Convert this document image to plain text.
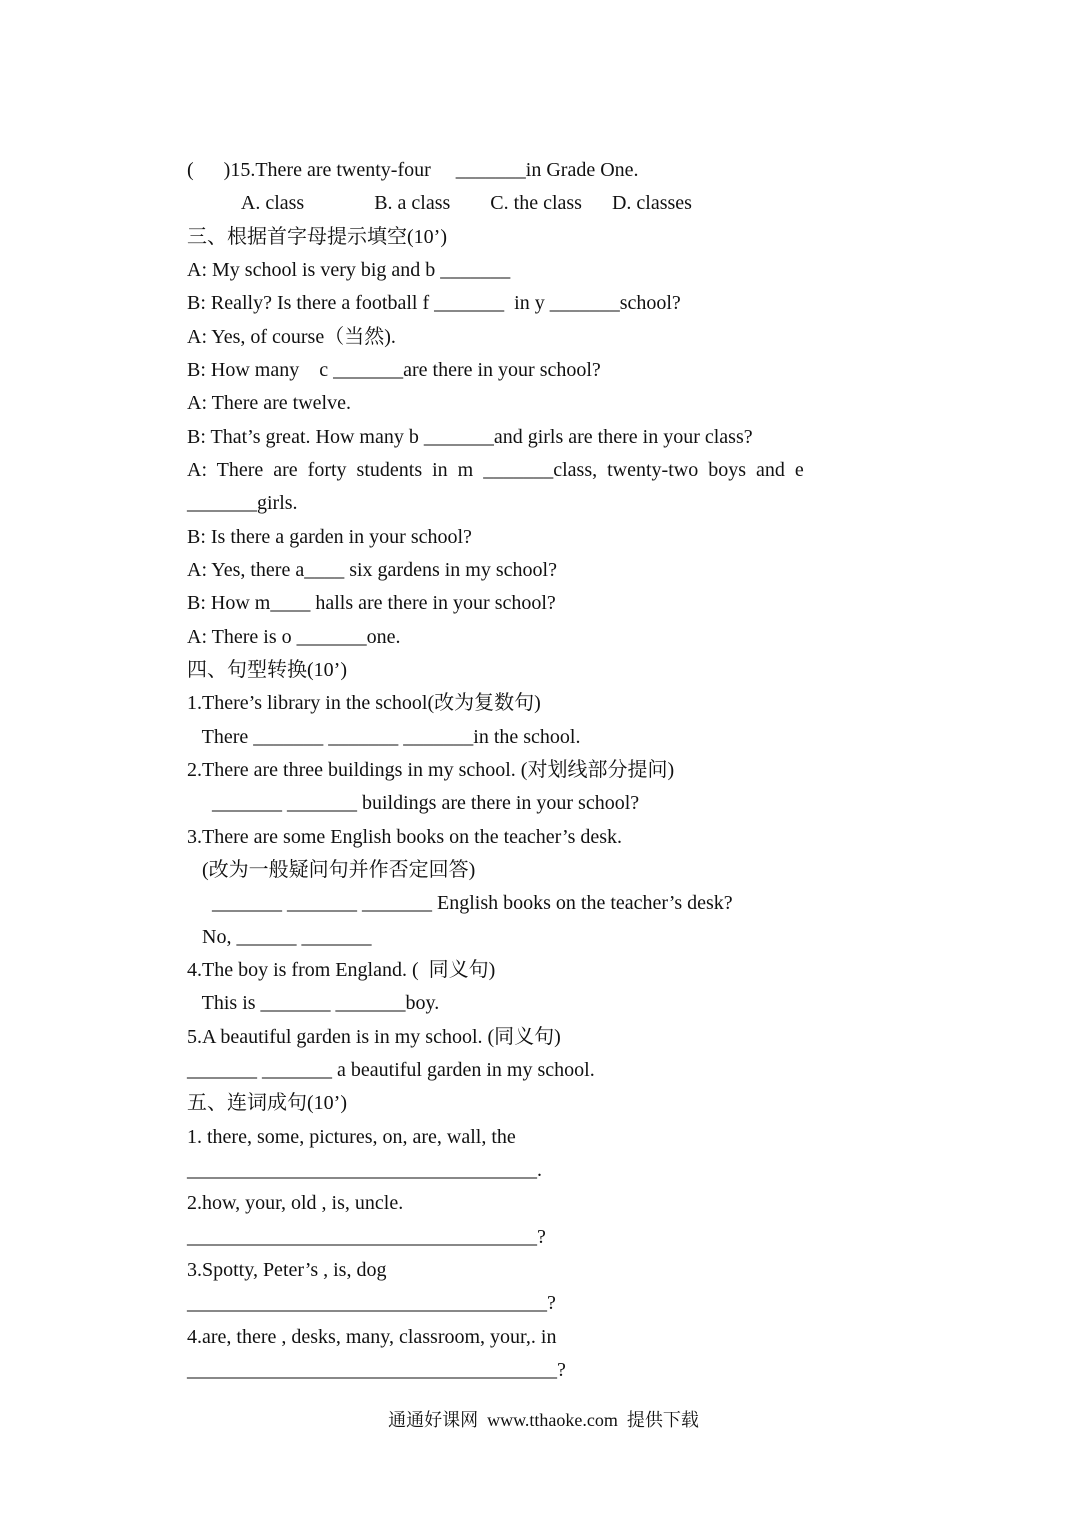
(      )15.There are twenty-four     _______in Grade One.
A. class              B. a class        C. the class      D. classes
三、根据首字母提示填空(10’)
A: My school is very big and b _______
B: Really? Is there a football f _______  in y _______school?
A: Yes, of course（当然).
B: How many    c _______are there in your school?
A: There are twelve.
B: That’s great. How many b _______and girls are there in your class?
A:  There  are  forty  students  in  m  _______class,  twenty-two  boys  and  e
_______girls.
B: Is there a garden in your school?
A: Yes, there a____ six gardens in my school?
B: How m____ halls are there in your school?
A: There is o _______one.
四、句型转换(10’)
1.There’s library in the school(改为复数句)
There _______ _______ _______in the school.
2.There are three buildings in my school. (对划线部分提问)
_______ _______ buildings are there in your school?
3.There are some English books on the teacher’s desk.
(改为一般疑问句并作否定回答)
_______ _______ _______ English books on the teacher’s desk?
No, ______ _______
4.The boy is from England. (  同义句)
This is _______ _______boy.
5.A beautiful garden is in my school. (同义句)
_______ _______ a beautiful garden in my school.
五、连词成句(10’)
1. there, some, pictures, on, are, wall, the
___________________________________.
2.how, your, old , is, uncle.
___________________________________?
3.Spotty, Peter’s , is, dog
____________________________________?
4.are, there , desks, many, classroom, your,. in
_____________________________________?
通通好课网  www.tthaoke.com  提供下载
